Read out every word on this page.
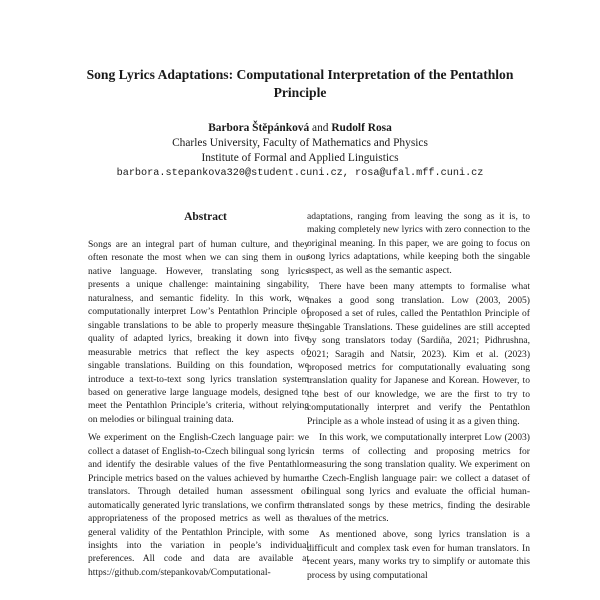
Song Lyrics Adaptations: Computational Interpretation of the Pentathlon
Principle
Barbora Štěpánková and Rudolf Rosa
Charles University, Faculty of Mathematics and Physics
Institute of Formal and Applied Linguistics
barbora.stepankova320@student.cuni.cz, rosa@ufal.mff.cuni.cz
Abstract

Songs are an integral part of human culture, and they often resonate the most when we can sing them in our native language. However, translating song lyrics presents a unique challenge: maintaining singability, naturalness, and semantic fidelity. In this work, we computationally interpret Low’s Pentathlon Principle of singable translations to be able to properly measure the quality of adapted lyrics, breaking it down into five measurable metrics that reflect the key aspects of singable translations. Building on this foundation, we introduce a text-to-text song lyrics translation system based on generative large language models, designed to meet the Pentathlon Principle’s criteria, without relying on melodies or bilingual training data.

We experiment on the English-Czech language pair: we collect a dataset of English-to-Czech bilingual song lyrics and identify the desirable values of the five Pentathlon Principle metrics based on the values achieved by human translators. Through detailed human assessment of automatically generated lyric translations, we confirm the appropriateness of the proposed metrics as well as the general validity of the Pentathlon Principle, with some insights into the variation in people’s individual preferences. All code and data are available at https://github.com/stepankovab/Computational-

adaptations, ranging from leaving the song as it is, to making completely new lyrics with zero connection to the original meaning. In this paper, we are going to focus on song lyrics adaptations, while keeping both the singable aspect, as well as the semantic aspect.

There have been many attempts to formalise what makes a good song translation. Low (2003, 2005) proposed a set of rules, called the Pentathlon Principle of Singable Translations. These guidelines are still accepted by song translators today (Sardiña, 2021; Pidhrushna, 2021; Saragih and Natsir, 2023). Kim et al. (2023) proposed metrics for computationally evaluating song translation quality for Japanese and Korean. However, to the best of our knowledge, we are the first to try to computationally interpret and verify the Pentathlon Principle as a whole instead of using it as a given thing.

In this work, we computationally interpret Low (2003) in terms of collecting and proposing metrics for measuring the song translation quality. We experiment on the Czech-English language pair: we collect a dataset of bilingual song lyrics and evaluate the official human-translated songs by these metrics, finding the desirable values of the metrics.

As mentioned above, song lyrics translation is a difficult and complex task even for human translators. In recent years, many works try to simplify or automate this process by using computational
